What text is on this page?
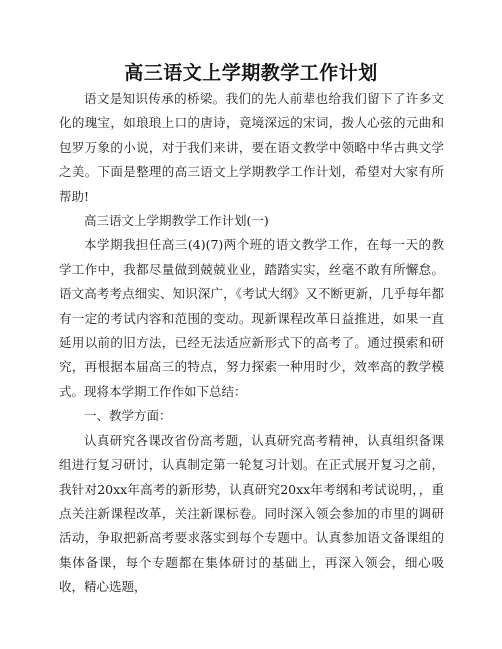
高三语文上学期教学工作计划

语文是知识传承的桥梁。我们的先人前辈也给我们留下了许多文化的瑰宝，如琅琅上口的唐诗，竟境深远的宋词，拨人心弦的元曲和包罗万象的小说，对于我们来讲，要在语文教学中领略中华古典文学之美。下面是整理的高三语文上学期教学工作计划，希望对大家有所帮助!

高三语文上学期教学工作计划(一)

本学期我担任高三(4)(7)两个班的语文教学工作，在每一天的教学工作中，我都尽量做到兢兢业业，踏踏实实，丝毫不敢有所懈怠。语文高考考点细实、知识深广，《考试大纲》又不断更新，几乎每年都有一定的考试内容和范围的变动。现新课程改革日益推进，如果一直延用以前的旧方法，已经无法适应新形式下的高考了。通过摸索和研究，再根据本届高三的特点，努力探索一种用时少，效率高的教学模式。现将本学期工作作如下总结：

一、教学方面：

认真研究各课改省份高考题，认真研究高考精神，认真组织备课组进行复习研讨，认真制定第一轮复习计划。在正式展开复习之前，我针对20xx年高考的新形势，认真研究20xx年考纲和考试说明，，重点关注新课程改革，关注新课标卷。同时深入领会参加的市里的调研活动，争取把新高考要求落实到每个专题中。认真参加语文备课组的集体备课，每个专题都在集体研讨的基础上，再深入领会，细心吸收，精心选题，
